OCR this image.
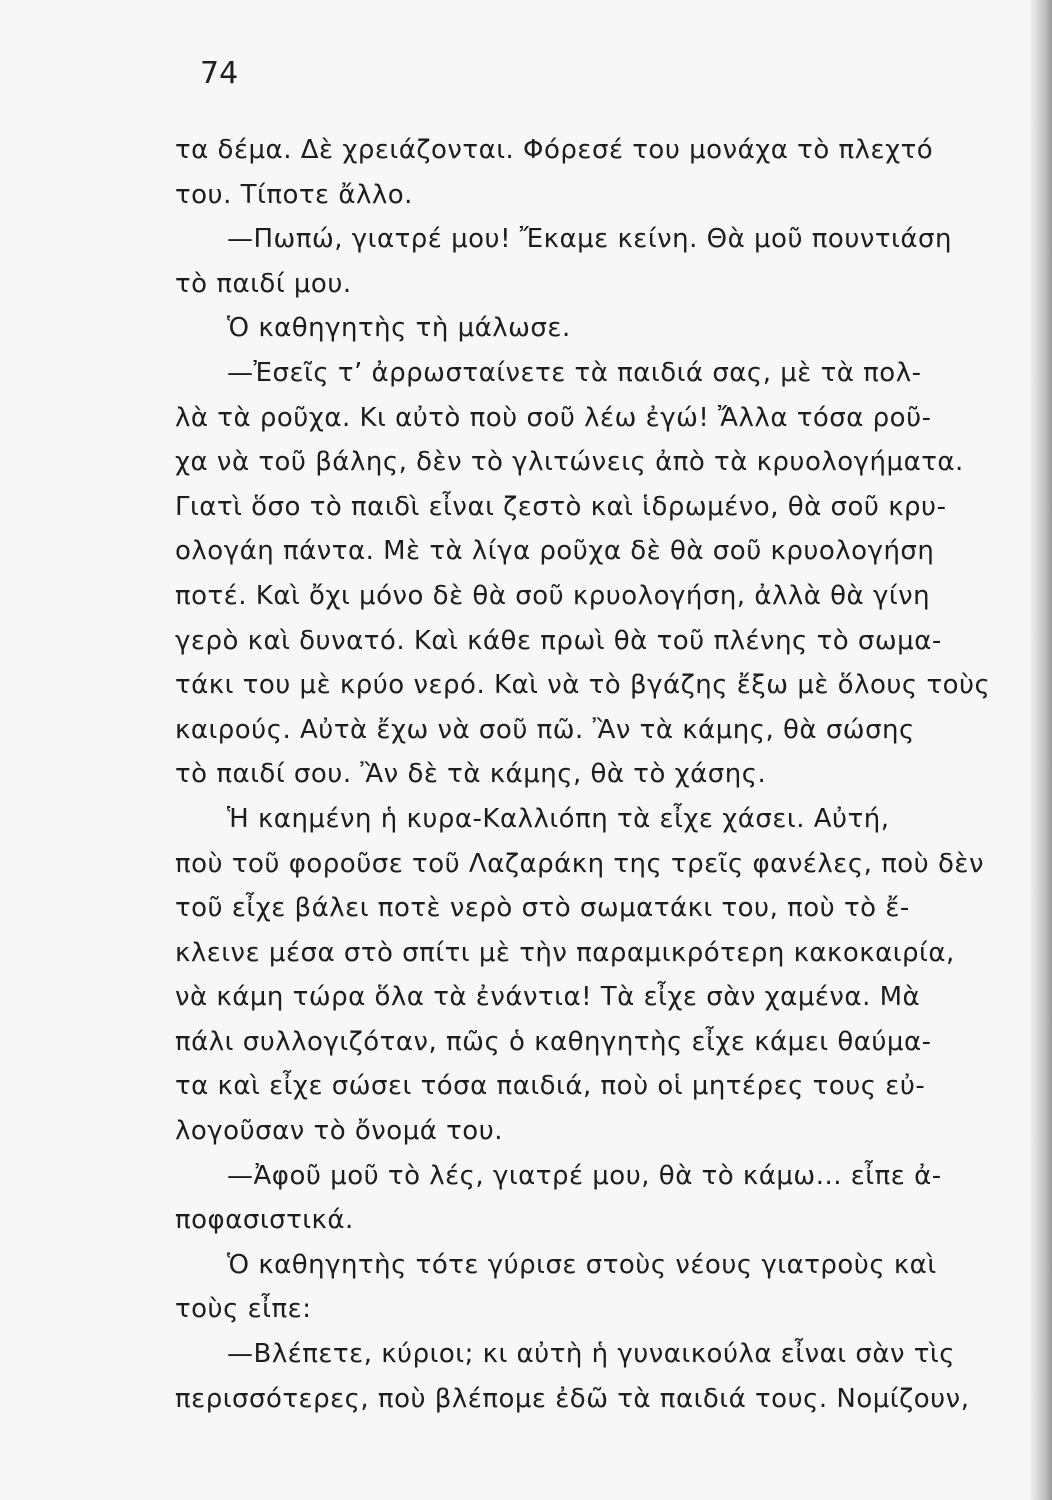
74
τα δέμα. Δὲ χρειάζονται. Φόρεσέ του μονάχα τὸ πλεχτό
του. Τίποτε ἄλλο.
—Πωπώ, γιατρέ μου! Ἔκαμε κείνη. Θὰ μοῦ πουντιάση
τὸ παιδί μου.
Ὁ καθηγητὴς τὴ μάλωσε.
—Ἐσεῖς τ’ ἀρρωσταίνετε τὰ παιδιά σας, μὲ τὰ πολ-
λὰ τὰ ροῦχα. Κι αὐτὸ ποὺ σοῦ λέω ἐγώ! Ἄλλα τόσα ροῦ-
χα νὰ τοῦ βάλης, δὲν τὸ γλιτώνεις ἀπὸ τὰ κρυολογήματα.
Γιατὶ ὅσο τὸ παιδὶ εἶναι ζεστὸ καὶ ἱδρωμένο, θὰ σοῦ κρυ-
ολογάη πάντα. Μὲ τὰ λίγα ροῦχα δὲ θὰ σοῦ κρυολογήση
ποτέ. Καὶ ὄχι μόνο δὲ θὰ σοῦ κρυολογήση, ἀλλὰ θὰ γίνη
γερὸ καὶ δυνατό. Καὶ κάθε πρωὶ θὰ τοῦ πλένης τὸ σωμα-
τάκι του μὲ κρύο νερό. Καὶ νὰ τὸ βγάζης ἔξω μὲ ὅλους τοὺς
καιρούς. Αὐτὰ ἔχω νὰ σοῦ πῶ. Ἂν τὰ κάμης, θὰ σώσης
τὸ παιδί σου. Ἂν δὲ τὰ κάμης, θὰ τὸ χάσης.
Ἡ καημένη ἡ κυρα-Καλλιόπη τὰ εἶχε χάσει. Αὐτή,
ποὺ τοῦ φοροῦσε τοῦ Λαζαράκη της τρεῖς φανέλες, ποὺ δὲν
τοῦ εἶχε βάλει ποτὲ νερὸ στὸ σωματάκι του, ποὺ τὸ ἔ-
κλεινε μέσα στὸ σπίτι μὲ τὴν παραμικρότερη κακοκαιρία,
νὰ κάμη τώρα ὅλα τὰ ἐνάντια! Τὰ εἶχε σὰν χαμένα. Μὰ
πάλι συλλογιζόταν, πῶς ὁ καθηγητὴς εἶχε κάμει θαύμα-
τα καὶ εἶχε σώσει τόσα παιδιά, ποὺ οἱ μητέρες τους εὐ-
λογοῦσαν τὸ ὄνομά του.
—Ἀφοῦ μοῦ τὸ λές, γιατρέ μου, θὰ τὸ κάμω... εἶπε ἀ-
ποφασιστικά.
Ὁ καθηγητὴς τότε γύρισε στοὺς νέους γιατροὺς καὶ
τοὺς εἶπε:
—Βλέπετε, κύριοι; κι αὐτὴ ἡ γυναικούλα εἶναι σὰν τὶς
περισσότερες, ποὺ βλέπομε ἐδῶ τὰ παιδιά τους. Νομίζουν,
